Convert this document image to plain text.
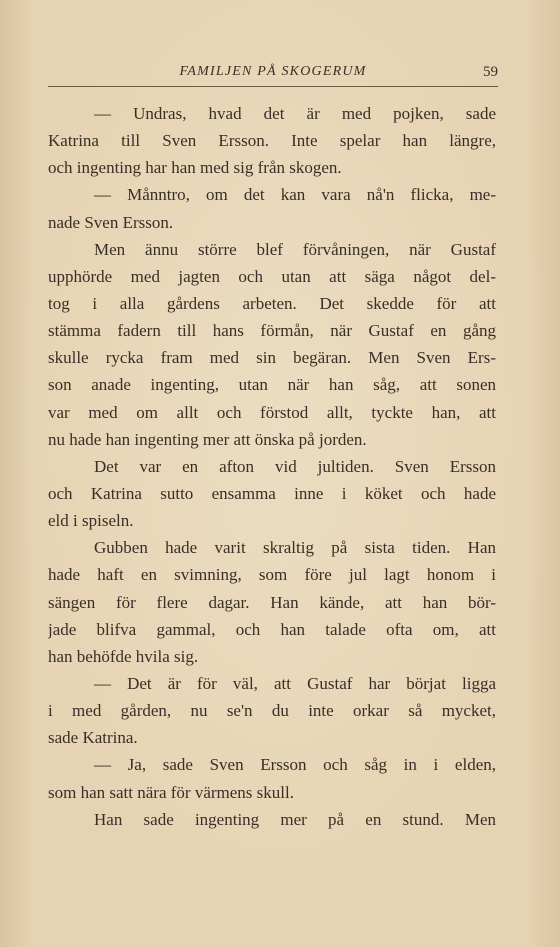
FAMILJEN PÅ SKOGERUM	59
— Undras, hvad det är med pojken, sade
Katrina till Sven Ersson. Inte spelar han längre,
och ingenting har han med sig från skogen.
— Månntro, om det kan vara nå'n flicka, me-
nade Sven Ersson.
Men ännu större blef förvåningen, när Gustaf
upphörde med jagten och utan att säga något del-
tog i alla gårdens arbeten. Det skedde för att
stämma fadern till hans förmån, när Gustaf en gång
skulle rycka fram med sin begäran. Men Sven Ers-
son anade ingenting, utan när han såg, att sonen
var med om allt och förstod allt, tyckte han, att
nu hade han ingenting mer att önska på jorden.
Det var en afton vid jultiden. Sven Ersson
och Katrina sutto ensamma inne i köket och hade
eld i spiseln.
Gubben hade varit skraltig på sista tiden. Han
hade haft en svimning, som före jul lagt honom i
sängen för flere dagar. Han kände, att han bör-
jade blifva gammal, och han talade ofta om, att
han behöfde hvila sig.
— Det är för väl, att Gustaf har börjat ligga
i med gården, nu se'n du inte orkar så mycket,
sade Katrina.
— Ja, sade Sven Ersson och såg in i elden,
som han satt nära för värmens skull.
Han sade ingenting mer på en stund. Men
